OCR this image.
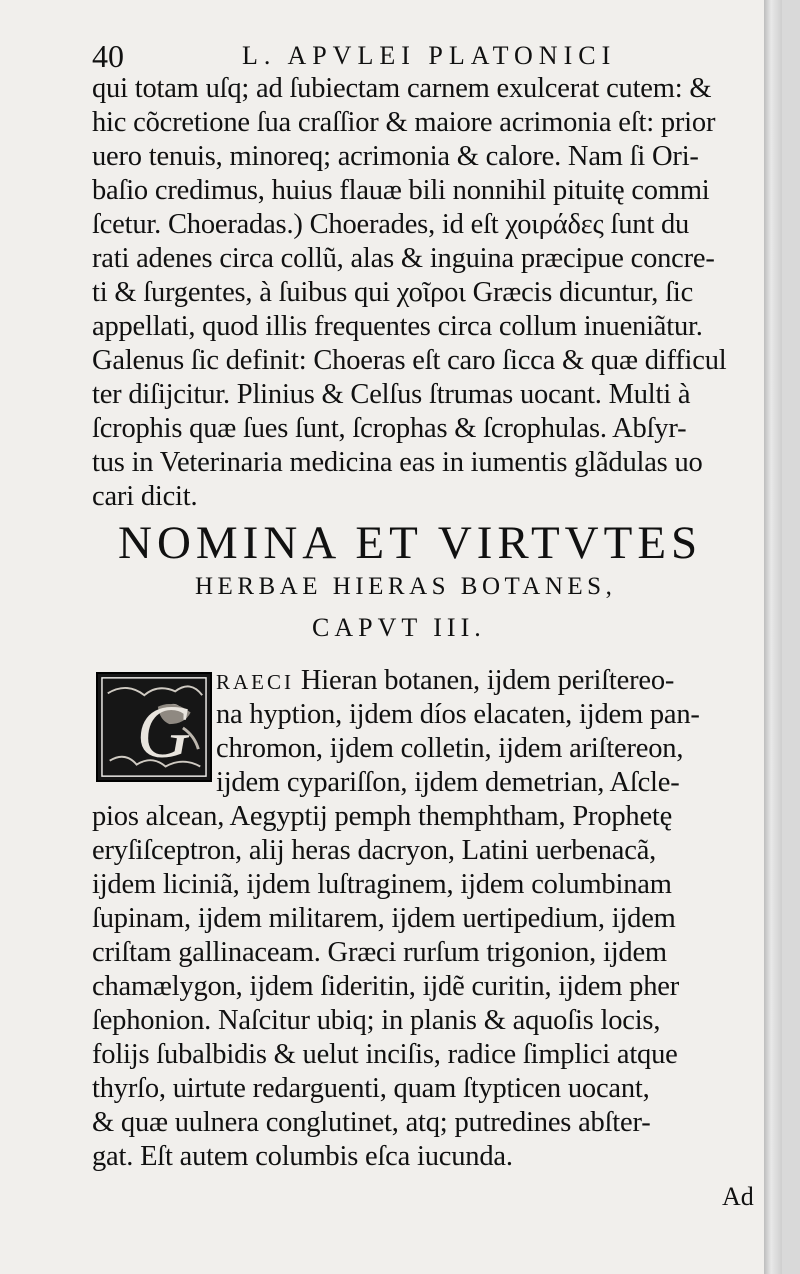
40	L. APVLEI PLATONICI
qui totam uſq; ad ſubiectam carnem exulcerat cutem: &
hic cõcretione ſua craſſior & maiore acrimonia eſt: prior
uero tenuis, minoreq; acrimonia & calore. Nam ſi Ori-
baſio credimus, huius flauæ bili nonnihil pituitę commi
ſcetur. Choeradas.) Choerades, id eſt χοιράδες ſunt du
rati adenes circa collũ, alas & inguina præcipue concre-
ti & ſurgentes, à ſuibus qui χοῖροι Græcis dicuntur, ſic
appellati, quod illis frequentes circa collum inueniãtur.
Galenus ſic definit: Choeras eſt caro ſicca & quæ difficul
ter diſijcitur. Plinius & Celſus ſtrumas uocant. Multi à
ſcrophis quæ ſues ſunt, ſcrophas & ſcrophulas. Abſyr-
tus in Veterinaria medicina eas in iumentis glãdulas uo
cari dicit.
NOMINA ET VIRTVTES
HERBAE HIERAS BOTANES,
CAPVT III.
G
RAECI Hieran botanen, ijdem periſtereo-
na hyption, ijdem díos elacaten, ijdem pan-
chromon, ijdem colletin, ijdem ariſtereon,
ijdem cypariſſon, ijdem demetrian, Aſcle-
pios alcean, Aegyptij pemph themphtham, Prophetę
eryſiſceptron, alij heras dacryon, Latini uerbenacã,
ijdem liciniã, ijdem luſtraginem, ijdem columbinam
ſupinam, ijdem militarem, ijdem uertipedium, ijdem
criſtam gallinaceam. Græci rurſum trigonion, ijdem
chamælygon, ijdem ſideritin, ijdẽ curitin, ijdem pher
ſephonion. Naſcitur ubiq; in planis & aquoſis locis,
folijs ſubalbidis & uelut inciſis, radice ſimplici atque
thyrſo, uirtute redarguenti, quam ſtypticen uocant,
& quæ uulnera conglutinet, atq; putredines abſter-
gat. Eſt autem columbis eſca iucunda.
Ad
